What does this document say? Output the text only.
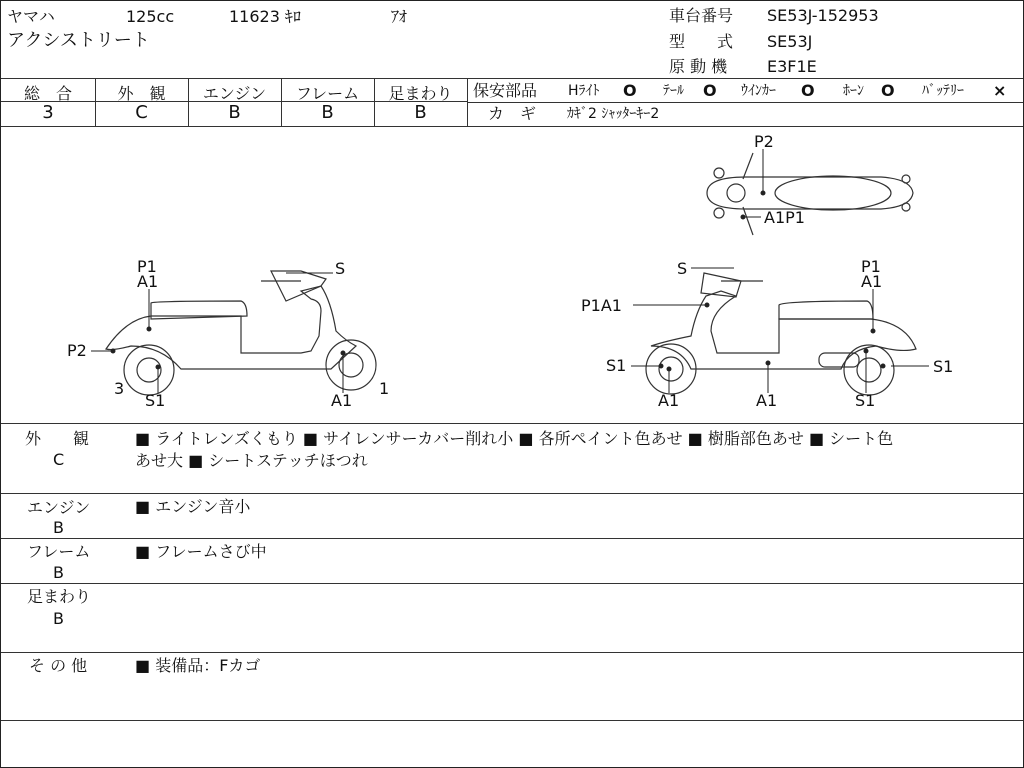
ヤマハ	125cc	11623 ｷﾛ	ｱｵ
アクシストリート
車台番号 SE53J-152953
型　　式 SE53J
原 動 機 E3F1E
総　合
3
外　観
C
エンジン
B
フレーム
B
足まわり
B
保安部品 Hﾗｲﾄ O ﾃｰﾙ O ｳｲﾝｶｰ O ﾎｰﾝ O ﾊﾞｯﾃﾘｰ ×
カ　ギ ｶｷﾞ2 ｼｬｯﾀｰｷｰ2
P2
A1P1
P1
A1
S
P2
3
S1	A1
1
S	P1
A1
P1A1
S1	S1
A1	A1	S1
外　　観
C
■ ライトレンズくもり ■ サイレンサーカバー削れ小 ■ 各所ペイント色あせ ■ 樹脂部色あせ ■ シート色
あせ大 ■ シートステッチほつれ
エンジン
B
■ エンジン音小
フレーム
B
■ フレームさび中
足まわり
B
そ の 他	■ 装備品：Fカゴ
